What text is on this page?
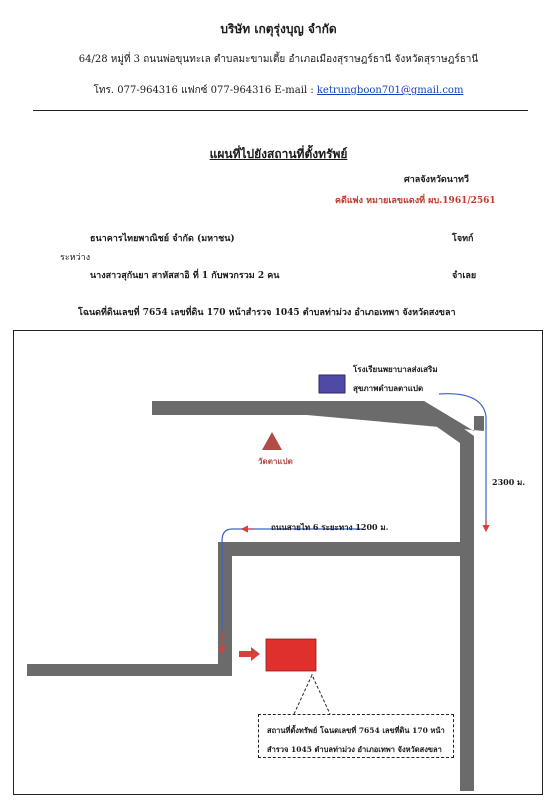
บริษัท เกตุรุ่งบุญ จำกัด
64/28 หมู่ที่ 3 ถนนพ่อขุนทะเล ตำบลมะขามเตี้ย อำเภอเมืองสุราษฎร์ธานี จังหวัดสุราษฎร์ธานี
โทร. 077-964316 แฟกซ์ 077-964316 E-mail : ketrungboon701@gmail.com
แผนที่ไปยังสถานที่ตั้งทรัพย์
ศาลจังหวัดนาทวี
คดีแพ่ง หมายเลขแดงที่ ผบ.1961/2561
ธนาคารไทยพาณิชย์ จำกัด (มหาชน)	โจทก์
ระหว่าง
นางสาวสุกันยา สาหัสสาอิ ที่ 1 กับพวกรวม 2 คน	จำเลย
โฉนดที่ดินเลขที่ 7654 เลขที่ดิน 170 หน้าสำรวจ 1045 ตำบลท่าม่วง อำเภอเทพา จังหวัดสงขลา
โรงเรียนพยาบาลส่งเสริม
สุขภาพตำบลตาแปด
วัดตาแปด
2300 ม.
ถนนสายไท 6 ระยะทาง 1200 ม.
สถานที่ตั้งทรัพย์ โฉนดเลขที่ 7654 เลขที่ดิน 170 หน้า
สำรวจ 1045 ตำบลท่าม่วง อำเภอเทพา จังหวัดสงขลา
